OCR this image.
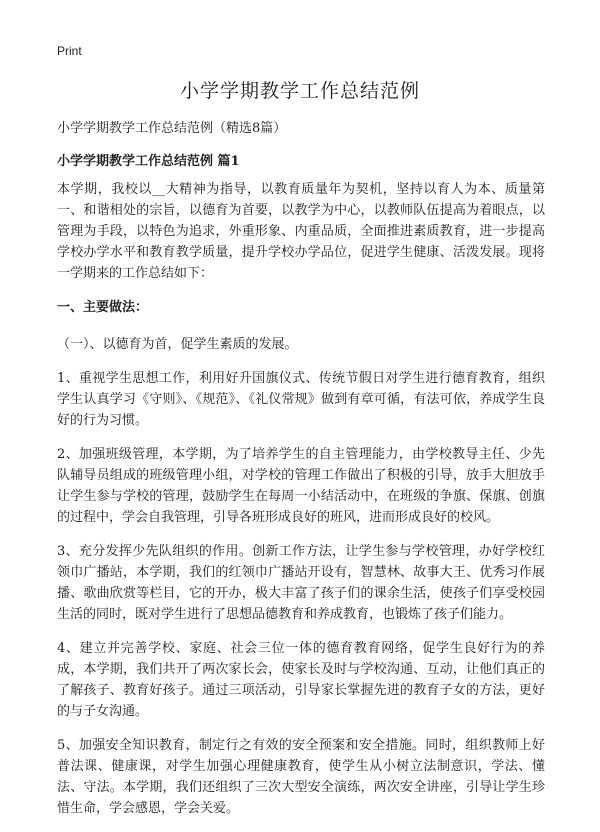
Print
小学学期教学工作总结范例

小学学期教学工作总结范例（精选8篇）

小学学期教学工作总结范例 篇1

本学期，我校以__大精神为指导，以教育质量年为契机，坚持以育人为本、质量第一、和谐相处的宗旨，以德育为首要，以教学为中心，以教师队伍提高为着眼点，以管理为手段，以特色为追求，外重形象、内重品质，全面推进素质教育，进一步提高学校办学水平和教育教学质量，提升学校办学品位，促进学生健康、活泼发展。现将一学期来的工作总结如下：

一、主要做法：

（一）、以德育为首，促学生素质的发展。

1、重视学生思想工作，利用好升国旗仪式、传统节假日对学生进行德育教育，组织学生认真学习《守则》、《规范》、《礼仪常规》做到有章可循，有法可依，养成学生良好的行为习惯。

2、加强班级管理，本学期，为了培养学生的自主管理能力，由学校教导主任、少先队辅导员组成的班级管理小组，对学校的管理工作做出了积极的引导，放手大胆放手让学生参与学校的管理，鼓励学生在每周一小结活动中，在班级的争旗、保旗、创旗的过程中，学会自我管理，引导各班形成良好的班风，进而形成良好的校风。

3、充分发挥少先队组织的作用。创新工作方法，让学生参与学校管理，办好学校红领巾广播站，本学期，我们的红领巾广播站开设有，智慧林、故事大王、优秀习作展播、歌曲欣赏等栏目，它的开办，极大丰富了孩子们的课余生活，使孩子们享受校园生活的同时，既对学生进行了思想品德教育和养成教育，也锻炼了孩子们能力。

4、建立并完善学校、家庭、社会三位一体的德育教育网络，促学生良好行为的养成，本学期，我们共开了两次家长会，使家长及时与学校沟通、互动，让他们真正的了解孩子、教育好孩子。通过三项活动，引导家长掌握先进的教育子女的方法，更好的与子女沟通。

5、加强安全知识教育，制定行之有效的安全预案和安全措施。同时，组织教师上好普法课、健康课，对学生加强心理健康教育，使学生从小树立法制意识，学法、懂法、守法。本学期，我们还组织了三次大型安全演练，两次安全讲座，引导让学生珍惜生命，学会感恩，学会关爱。
